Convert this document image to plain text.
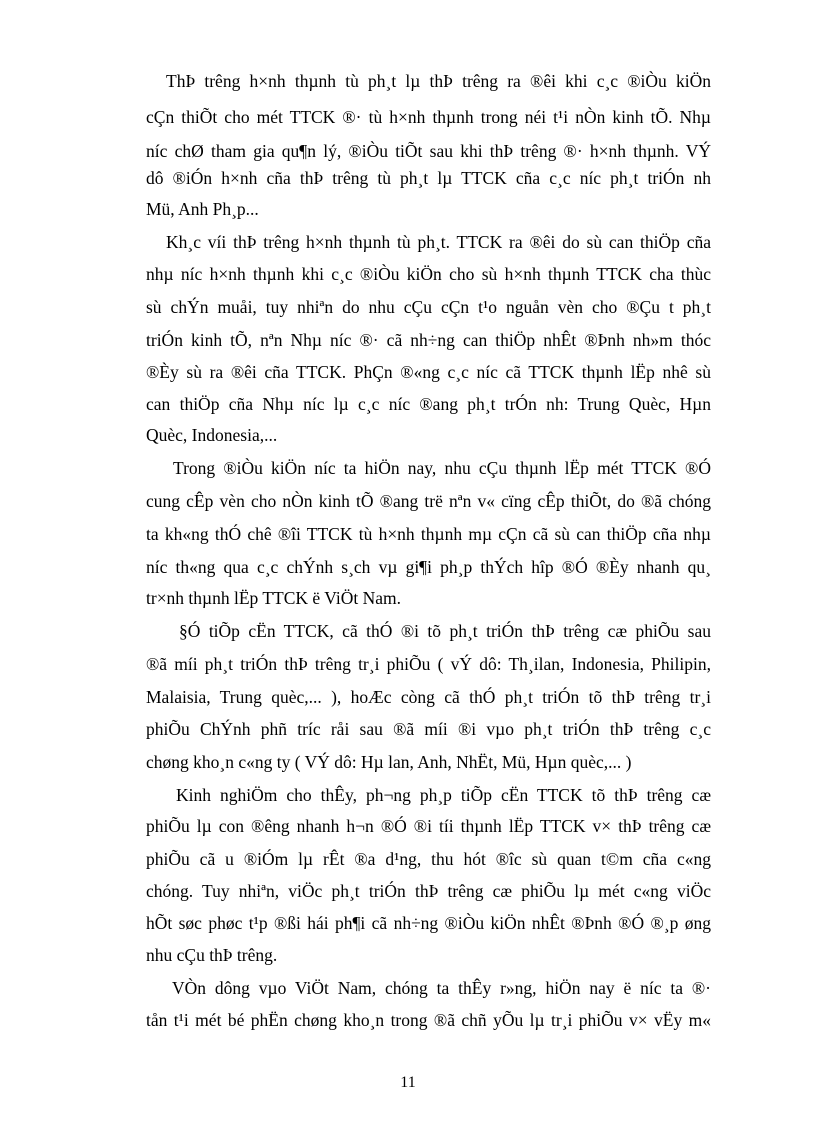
ThÞ trêng h×nh thµnh tù ph¸t lµ thÞ trêng ra ®êi khi c¸c ®iÒu kiÖn
cÇn thiÕt cho mét TTCK ®· tù h×nh thµnh trong néi t¹i nÒn kinh tÕ. Nhµ
níc chØ tham gia qu¶n lý, ®iÒu tiÕt sau khi thÞ trêng ®· h×nh thµnh. VÝ
dô ®iÓn h×nh cña thÞ trêng tù ph¸t lµ TTCK cña c¸c níc ph¸t triÓn nh
Mü, Anh Ph¸p...
Kh¸c víi thÞ trêng h×nh thµnh tù ph¸t. TTCK ra ®êi do sù can thiÖp cña
nhµ níc h×nh thµnh khi c¸c ®iÒu kiÖn cho sù h×nh thµnh TTCK cha thùc
sù chÝn muåi, tuy nhiªn do nhu cÇu cÇn t¹o nguån vèn cho ®Çu t ph¸t
triÓn kinh tÕ, nªn Nhµ níc ®· cã nh÷ng can thiÖp nhÊt ®Þnh nh»m thóc
®Èy sù ra ®êi cña TTCK. PhÇn ®«ng c¸c níc cã TTCK thµnh lËp nhê sù
can thiÖp cña Nhµ níc lµ c¸c níc ®ang ph¸t trÓn nh: Trung Quèc, Hµn
Quèc, Indonesia,...
Trong ®iÒu kiÖn níc ta hiÖn nay, nhu cÇu thµnh lËp mét TTCK ®Ó
cung cÊp vèn cho nÒn kinh tÕ ®ang trë nªn v« cïng cÊp thiÕt, do ®ã chóng
ta kh«ng thÓ chê ®îi TTCK tù h×nh thµnh mµ cÇn cã sù can thiÖp cña nhµ
níc th«ng qua c¸c chÝnh s¸ch vµ gi¶i ph¸p thÝch hîp ®Ó ®Èy nhanh qu¸
tr×nh thµnh lËp TTCK ë ViÖt Nam.
§Ó tiÕp cËn TTCK, cã thÓ ®i tõ ph¸t triÓn thÞ trêng cæ phiÕu sau
®ã míi ph¸t triÓn thÞ trêng tr¸i phiÕu ( vÝ dô: Th¸ilan, Indonesia, Philipin,
Malaisia, Trung quèc,... ), hoÆc còng cã thÓ ph¸t triÓn tõ thÞ trêng tr¸i
phiÕu ChÝnh phñ tríc råi sau ®ã míi ®i vµo ph¸t triÓn thÞ trêng c¸c
chøng kho¸n c«ng ty ( VÝ dô: Hµ lan, Anh, NhËt, Mü, Hµn quèc,... )
Kinh nghiÖm cho thÊy, ph¬ng ph¸p tiÕp cËn TTCK tõ thÞ trêng cæ
phiÕu lµ con ®êng nhanh h¬n ®Ó ®i tíi thµnh lËp TTCK v× thÞ trêng cæ
phiÕu cã u ®iÓm lµ rÊt ®a d¹ng, thu hót ®îc sù quan t©m cña c«ng
chóng. Tuy nhiªn, viÖc ph¸t triÓn thÞ trêng cæ phiÕu lµ mét c«ng viÖc
hÕt søc phøc t¹p ®ßi hái ph¶i cã nh÷ng ®iÒu kiÖn nhÊt ®Þnh ®Ó ®¸p øng
nhu cÇu thÞ trêng.
VÒn dông vµo ViÖt Nam, chóng ta thÊy r»ng, hiÖn nay ë níc ta ®·
tån t¹i mét bé phËn chøng kho¸n trong ®ã chñ yÕu lµ tr¸i phiÕu v× vËy m«
11
